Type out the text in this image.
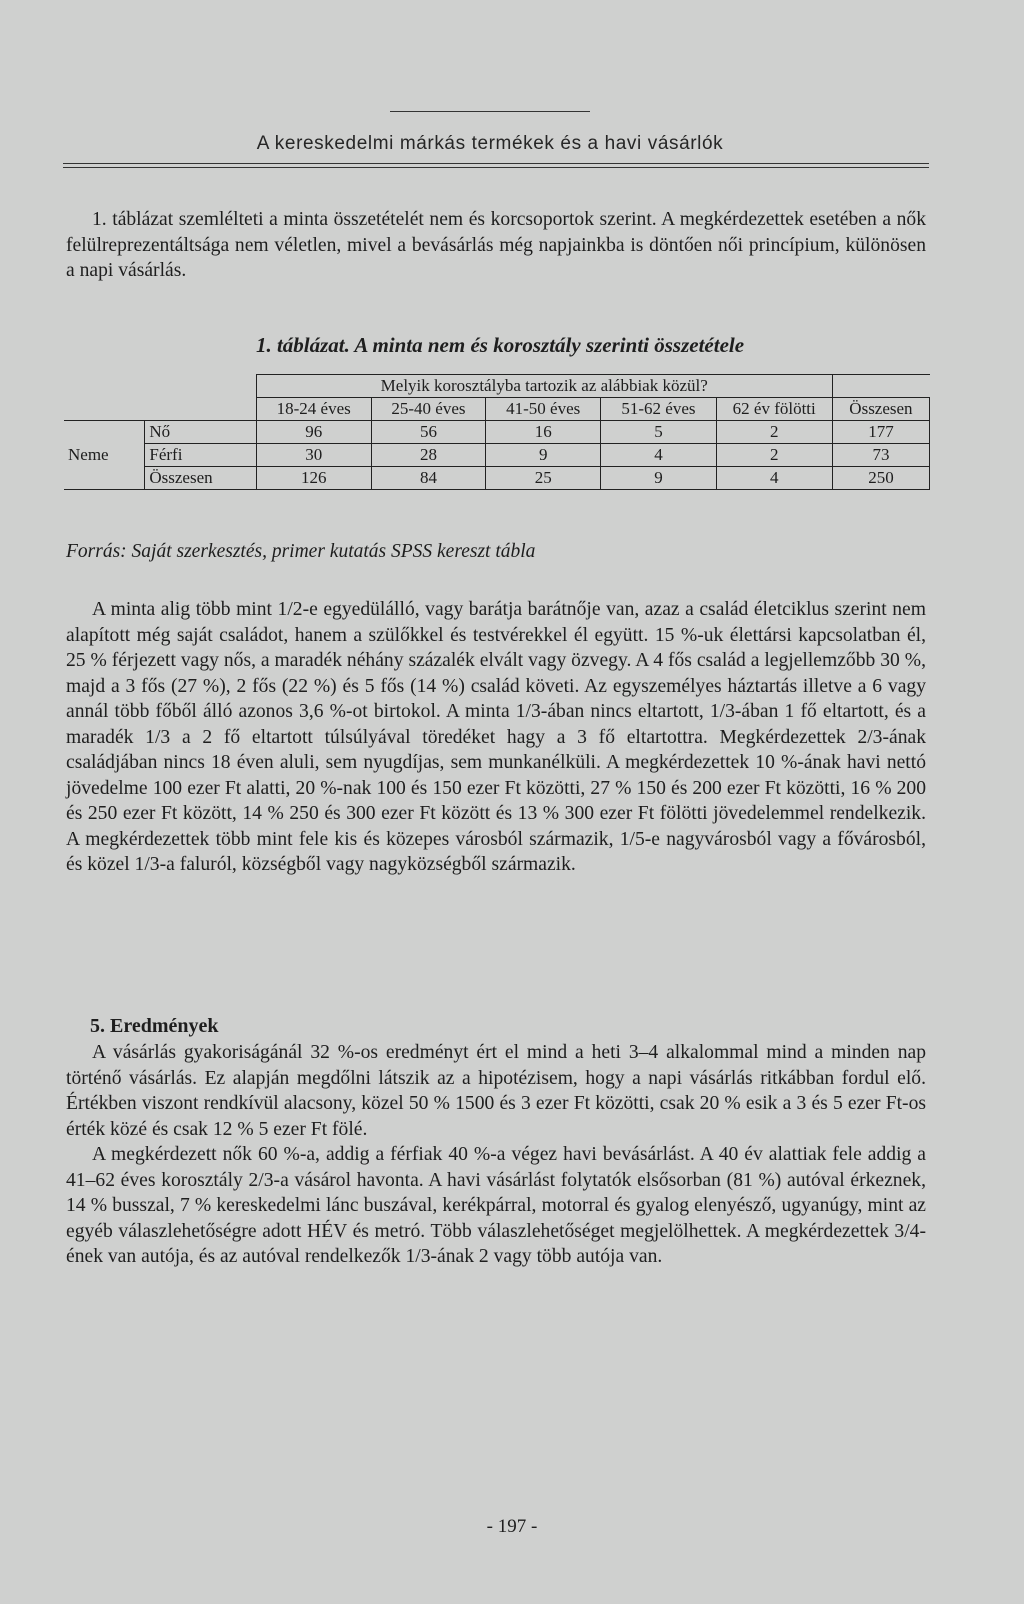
A kereskedelmi márkás termékek és a havi vásárlók

1. táblázat szemlélteti a minta összetételét nem és korcsoportok szerint. A megkérdezettek esetében a nők felülreprezentáltsága nem véletlen, mivel a bevásárlás még napjainkba is döntően női princípium, különösen a napi vásárlás.

1. táblázat. A minta nem és korosztály szerinti összetétele
		Melyik korosztályba tartozik az alábbiak közül?					
		18-24 éves	25-40 éves	41-50 éves	51-62 éves	62 év fölötti	Összesen
	Nő	96	56	16	5	2	177
Neme	Férfi	30	28	9	4	2	73
	Összesen	126	84	25	9	4	250
Forrás: Saját szerkesztés, primer kutatás SPSS kereszt tábla

A minta alig több mint 1/2-e egyedülálló, vagy barátja barátnője van, azaz a család életciklus szerint nem alapított még saját családot, hanem a szülőkkel és testvérekkel él együtt. 15 %-uk élettársi kapcsolatban él, 25 % férjezett vagy nős, a maradék néhány százalék elvált vagy özvegy. A 4 fős család a legjellemzőbb 30 %, majd a 3 fős (27 %), 2 fős (22 %) és 5 fős (14 %) család követi. Az egyszemélyes háztartás illetve a 6 vagy annál több főből álló azonos 3,6 %-ot birtokol. A minta 1/3-ában nincs eltartott, 1/3-ában 1 fő eltartott, és a maradék 1/3 a 2 fő eltartott túlsúlyával töredéket hagy a 3 fő eltartottra. Megkérdezettek 2/3-ának családjában nincs 18 éven aluli, sem nyugdíjas, sem munkanélküli. A megkérdezettek 10 %-ának havi nettó jövedelme 100 ezer Ft alatti, 20 %-nak 100 és 150 ezer Ft közötti, 27 % 150 és 200 ezer Ft közötti, 16 % 200 és 250 ezer Ft között, 14 % 250 és 300 ezer Ft között és 13 % 300 ezer Ft fölötti jövedelemmel rendelkezik. A megkérdezettek több mint fele kis és közepes városból származik, 1/5-e nagyvárosból vagy a fővárosból, és közel 1/3-a faluról, községből vagy nagyközségből származik.

5. Eredmények

A vásárlás gyakoriságánál 32 %-os eredményt ért el mind a heti 3–4 alkalommal mind a minden nap történő vásárlás. Ez alapján megdőlni látszik az a hipotézisem, hogy a napi vásárlás ritkábban fordul elő. Értékben viszont rendkívül alacsony, közel 50 % 1500 és 3 ezer Ft közötti, csak 20 % esik a 3 és 5 ezer Ft-os érték közé és csak 12 % 5 ezer Ft fölé.

A megkérdezett nők 60 %-a, addig a férfiak 40 %-a végez havi bevásárlást. A 40 év alattiak fele addig a 41–62 éves korosztály 2/3-a vásárol havonta. A havi vásárlást folytatók elsősorban (81 %) autóval érkeznek, 14 % busszal, 7 % kereskedelmi lánc buszával, kerékpárral, motorral és gyalog elenyésző, ugyanúgy, mint az egyéb válaszlehetőségre adott HÉV és metró. Több válaszlehetőséget megjelölhettek. A megkérdezettek 3/4-ének van autója, és az autóval rendelkezők 1/3-ának 2 vagy több autója van.

- 197 -
